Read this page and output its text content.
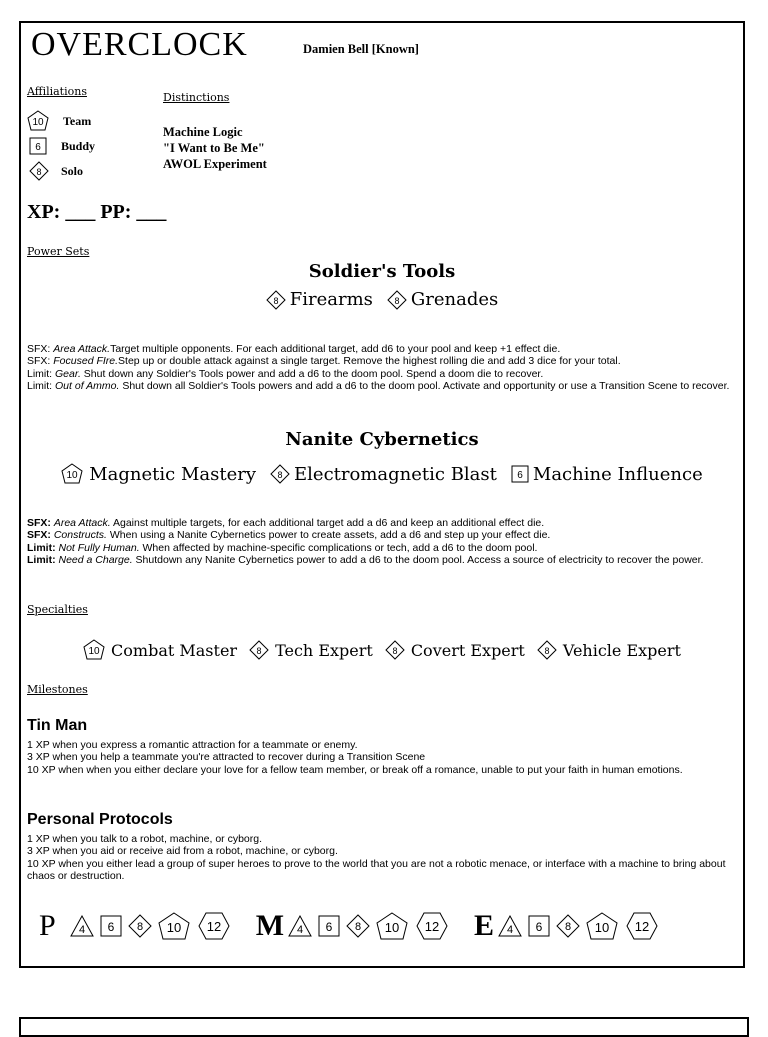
OVERCLOCK	Damien Bell [Known]
Affiliations
10 Team
6 Buddy
8 Solo
Distinctions
Machine Logic
"I Want to Be Me"
AWOL Experiment
XP: ___ PP: ___
Power Sets
Soldier's Tools
8 Firearms 8 Grenades
SFX: Area Attack.Target multiple opponents. For each additional target, add d6 to your pool and keep +1 effect die.
SFX: Focused FIre.Step up or double attack against a single target. Remove the highest rolling die and add 3 dice for your total.
Limit: Gear. Shut down any Soldier's Tools power and add a d6 to the doom pool. Spend a doom die to recover.
Limit: Out of Ammo. Shut down all Soldier's Tools powers and add a d6 to the doom pool. Activate and opportunity or use a Transition Scene to recover.
Nanite Cybernetics
10 Magnetic Mastery 8 Electromagnetic Blast 6 Machine Influence
SFX: Area Attack. Against multiple targets, for each additional target add a d6 and keep an additional effect die.
SFX: Constructs. When using a Nanite Cybernetics power to create assets, add a d6 and step up your effect die.
Limit: Not Fully Human. When affected by machine-specific complications or tech, add a d6 to the doom pool.
Limit: Need a Charge. Shutdown any Nanite Cybernetics power to add a d6 to the doom pool. Access a source of electricity to recover the power.
Specialties
10 Combat Master 8 Tech Expert 8 Covert Expert 8 Vehicle Expert
Milestones
Tin Man
1 XP when you express a romantic attraction for a teammate or enemy.
3 XP when you help a teammate you're attracted to recover during a Transition Scene
10 XP when when you either declare your love for a fellow team member, or break off a romance, unable to put your faith in human emotions.
Personal Protocols
1 XP when you talk to a robot, machine, or cyborg.
3 XP when you aid or receive aid from a robot, machine, or cyborg.
10 XP when you either lead a group of super heroes to prove to the world that you are not a robotic menace, or interface with a machine to bring about chaos or destruction.
P 4 6 8 10 12 M 4 6 8 10 12 E 4 6 8 10 12
